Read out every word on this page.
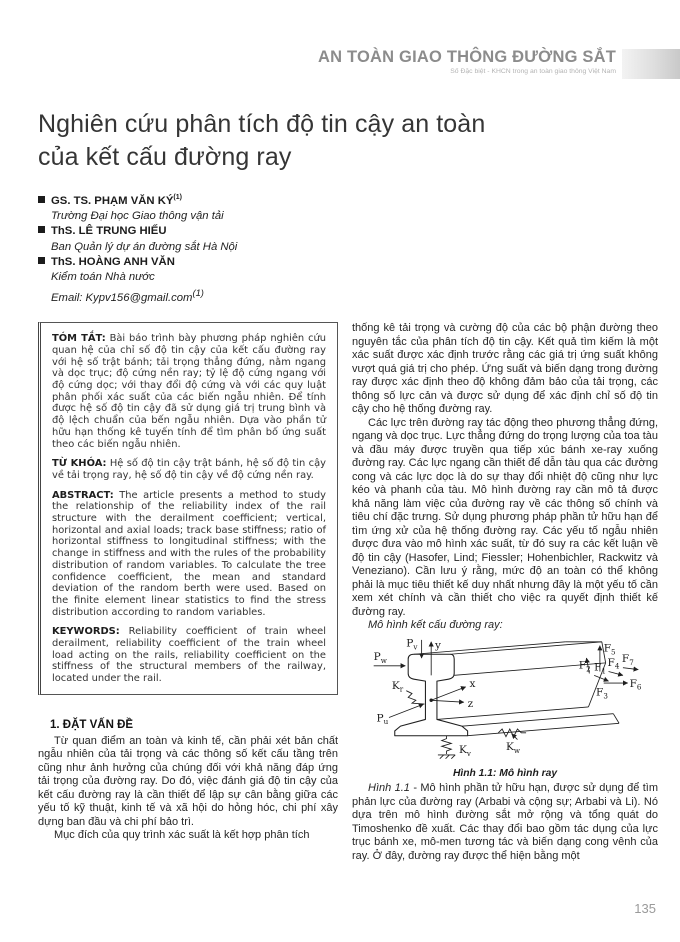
AN TOÀN GIAO THÔNG ĐƯỜNG SẮT
Số Đặc biệt - KHCN trong an toàn giao thông Việt Nam
Nghiên cứu phân tích độ tin cậy an toàn
của kết cấu đường ray
GS. TS. PHẠM VĂN KÝ$^{(1)}$
Trường Đại học Giao thông vận tải
ThS. LÊ TRUNG HIẾU
Ban Quản lý dự án đường sắt Hà Nội
ThS. HOÀNG ANH VĂN
Kiểm toán Nhà nước
Email: Kypv156@gmail.com$^{(1)}$

TÓM TẮT: Bài báo trình bày phương pháp nghiên cứu quan hệ của chỉ số độ tin cậy của kết cấu đường ray với hệ số trật bánh; tải trọng thẳng đứng, nằm ngang và dọc trục; độ cứng nền ray; tỷ lệ độ cứng ngang với độ cứng dọc; với thay đổi độ cứng và với các quy luật phân phối xác suất của các biến ngẫu nhiên. Để tính được hệ số độ tin cậy đã sử dụng giá trị trung bình và độ lệch chuẩn của bến ngẫu nhiên. Dựa vào phần tử hữu hạn thống kê tuyến tính để tìm phân bố ứng suất theo các biến ngẫu nhiên.

TỪ KHÓA: Hệ số độ tin cậy trật bánh, hệ số độ tin cậy về tải trọng ray, hệ số độ tin cậy về độ cứng nền ray.

ABSTRACT: The article presents a method to study the relationship of the reliability index of the rail structure with the derailment coefficient; vertical, horizontal and axial loads; track base stiffness; ratio of horizontal stiffness to longitudinal stiffness; with the change in stiffness and with the rules of the probability distribution of random variables. To calculate the tree confidence coefficient, the mean and standard deviation of the random berth were used. Based on the finite element linear statistics to find the stress distribution according to random variables.

KEYWORDS: Reliability coefficient of train wheel derailment, reliability coefficient of the train wheel load acting on the rails, reliability coefficient on the stiffness of the structural members of the railway, located under the rail.

1. ĐẶT VẤN ĐỀ

Từ quan điểm an toàn và kinh tế, cần phải xét bản chất ngẫu nhiên của tải trọng và các thông số kết cấu tầng trên cũng như ảnh hưởng của chúng đối với khả năng đáp ứng tải trọng của đường ray. Do đó, việc đánh giá độ tin cậy của kết cấu đường ray là cần thiết để lập sự cân bằng giữa các yếu tố kỹ thuật, kinh tế và xã hội do hỏng hóc, chi phí xây dựng ban đầu và chi phí bảo trì.

Mục đích của quy trình xác suất là kết hợp phân tích

thống kê tải trọng và cường độ của các bộ phận đường theo nguyên tắc của phân tích độ tin cậy. Kết quả tìm kiếm là một xác suất được xác định trước rằng các giá trị ứng suất không vượt quá giá trị cho phép. Ứng suất và biến dạng trong đường ray được xác định theo độ không đảm bảo của tải trọng, các thông số lực cản và được sử dụng để xác định chỉ số độ tin cậy cho hệ thống đường ray.

Các lực trên đường ray tác động theo phương thẳng đứng, ngang và dọc trục. Lực thẳng đứng do trọng lượng của toa tàu và đầu máy được truyền qua tiếp xúc bánh xe-ray xuống đường ray. Các lực ngang cần thiết để dẫn tàu qua các đường cong và các lực dọc là do sự thay đổi nhiệt độ cũng như lực kéo và phanh của tàu. Mô hình đường ray cần mô tả được khả năng làm việc của đường ray về các thông số chính và tiêu chí đặc trưng. Sử dụng phương pháp phần tử hữu hạn để tìm ứng xử của hệ thống đường ray. Các yếu tố ngẫu nhiên được đưa vào mô hình xác suất, từ đó suy ra các kết luận về độ tin cậy (Hasofer, Lind; Fiessler; Hohenbichler, Rackwitz và Veneziano). Cần lưu ý rằng, mức độ an toàn có thể không phải là mục tiêu thiết kế duy nhất nhưng đây là một yếu tố cần xem xét chính và cần thiết cho việc ra quyết định thiết kế đường ray.

Mô hình kết cấu đường ray:

y
$P_v$
$P_w$
x
z
$K_r$
$P_u$
$F_5$
$F_2$ $F_1$
$F_4$
$F_7$
$F_6$
$F_3$
$K_v$
$K_w$
Hình 1.1: Mô hình ray

Hình 1.1 - Mô hình phần tử hữu hạn, được sử dụng để tìm phản lực của đường ray (Arbabi và cộng sự; Arbabi và Li). Nó dựa trên mô hình đường sắt mở rộng và tổng quát do Timoshenko đề xuất. Các thay đổi bao gồm tác dụng của lực trục bánh xe, mô-men tương tác và biến dạng cong vênh của ray. Ở đây, đường ray được thể hiện bằng một

135
